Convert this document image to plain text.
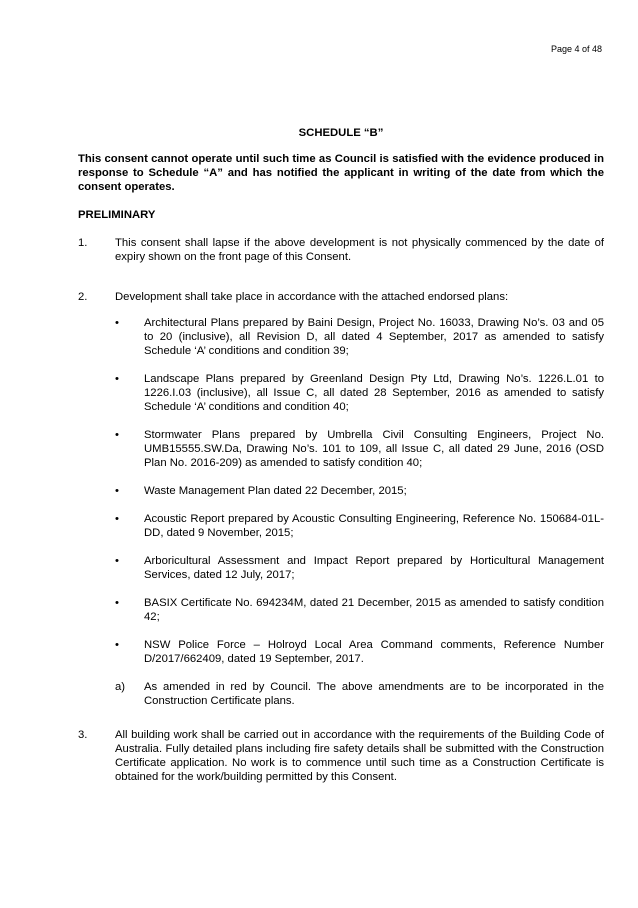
Page 4 of 48
SCHEDULE “B”

This consent cannot operate until such time as Council is satisfied with the evidence produced in response to Schedule “A” and has notified the applicant in writing of the date from which the consent operates.

PRELIMINARY
1.	This consent shall lapse if the above development is not physically commenced by the date of expiry shown on the front page of this Consent.

2.	Development shall take place in accordance with the attached endorsed plans:

•	Architectural Plans prepared by Baini Design, Project No. 16033, Drawing No’s. 03 and 05 to 20 (inclusive), all Revision D, all dated 4 September, 2017 as amended to satisfy Schedule ‘A’ conditions and condition 39;
•	Landscape Plans prepared by Greenland Design Pty Ltd, Drawing No’s. 1226.L.01 to 1226.I.03 (inclusive), all Issue C, all dated 28 September, 2016 as amended to satisfy Schedule ‘A’ conditions and condition 40;
•	Stormwater Plans prepared by Umbrella Civil Consulting Engineers, Project No. UMB15555.SW.Da, Drawing No’s. 101 to 109, all Issue C, all dated 29 June, 2016 (OSD Plan No. 2016-209) as amended to satisfy condition 40;
•	Waste Management Plan dated 22 December, 2015;
•	Acoustic Report prepared by Acoustic Consulting Engineering, Reference No. 150684-01L-DD, dated 9 November, 2015;
•	Arboricultural Assessment and Impact Report prepared by Horticultural Management Services, dated 12 July, 2017;
•	BASIX Certificate No. 694234M, dated 21 December, 2015 as amended to satisfy condition 42;
•	NSW Police Force – Holroyd Local Area Command comments, Reference Number D/2017/662409, dated 19 September, 2017.
a)	As amended in red by Council. The above amendments are to be incorporated in the Construction Certificate plans.
3.	All building work shall be carried out in accordance with the requirements of the Building Code of Australia. Fully detailed plans including fire safety details shall be submitted with the Construction Certificate application. No work is to commence until such time as a Construction Certificate is obtained for the work/building permitted by this Consent.
